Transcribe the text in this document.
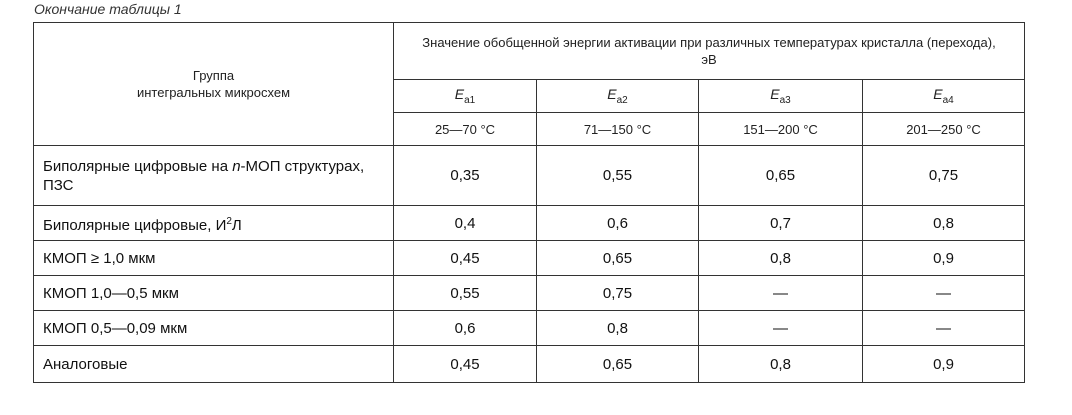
Окончание таблицы 1
Группа
интегральных микросхем	Значение обобщенной энергии активации при различных температурах кристалла (перехода), эВ			
	$E_{a1}$	$E_{a2}$	$E_{a3}$	$E_{a4}$
	25—70 °C	71—150 °C	151—200 °C	201—250 °C
Биполярные цифровые на n-МОП структурах, ПЗС	0,35	0,55	0,65	0,75
Биполярные цифровые, $И^2Л$	0,4	0,6	0,7	0,8
КМОП ≥ 1,0 мкм	0,45	0,65	0,8	0,9
КМОП 1,0—0,5 мкм	0,55	0,75	—	—
КМОП 0,5—0,09 мкм	0,6	0,8	—	—
Аналоговые	0,45	0,65	0,8	0,9
